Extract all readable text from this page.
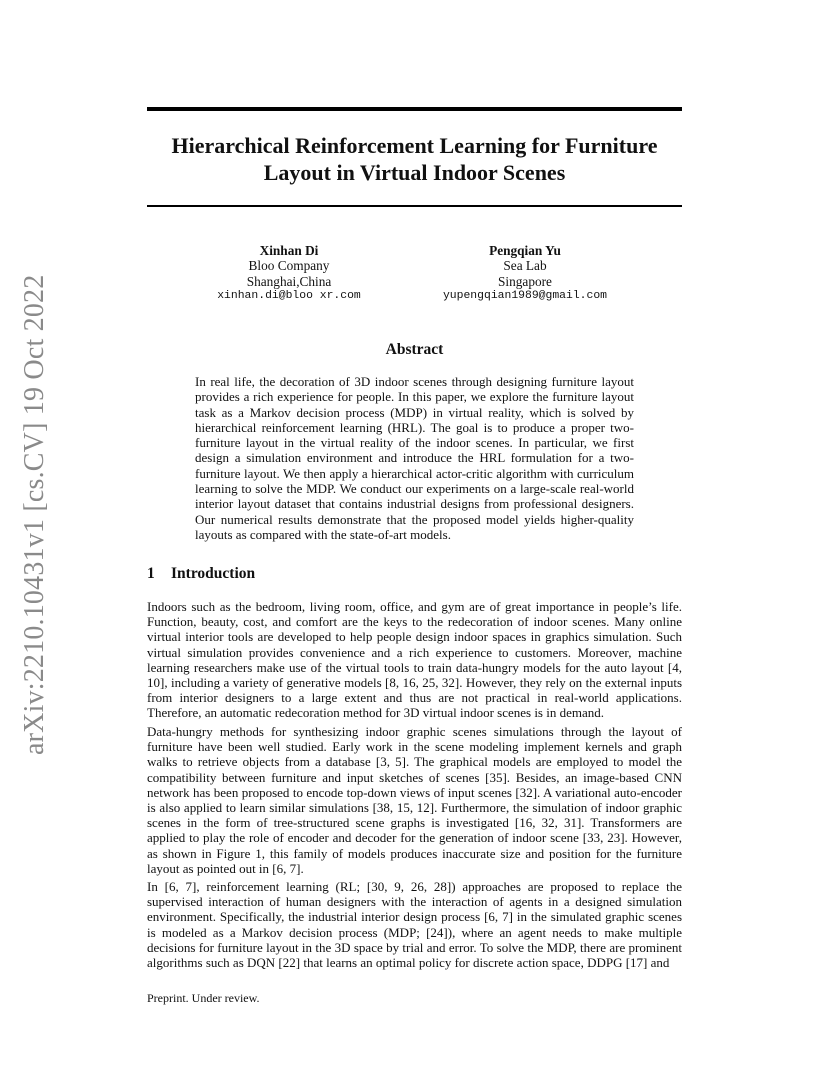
arXiv:2210.10431v1 [cs.CV] 19 Oct 2022
Hierarchical Reinforcement Learning for Furniture
Layout in Virtual Indoor Scenes
Xinhan Di
Bloo Company
Shanghai,China
xinhan.di@bloo xr.com
Pengqian Yu
Sea Lab
Singapore
yupengqian1989@gmail.com
Abstract
In real life, the decoration of 3D indoor scenes through designing furniture layout provides a rich experience for people. In this paper, we explore the furniture layout task as a Markov decision process (MDP) in virtual reality, which is solved by hierarchical reinforcement learning (HRL). The goal is to produce a proper two-furniture layout in the virtual reality of the indoor scenes. In particular, we first design a simulation environment and introduce the HRL formulation for a two-furniture layout. We then apply a hierarchical actor-critic algorithm with curriculum learning to solve the MDP. We conduct our experiments on a large-scale real-world interior layout dataset that contains industrial designs from professional designers. Our numerical results demonstrate that the proposed model yields higher-quality layouts as compared with the state-of-art models.
1 Introduction
Indoors such as the bedroom, living room, office, and gym are of great importance in people’s life. Function, beauty, cost, and comfort are the keys to the redecoration of indoor scenes. Many online virtual interior tools are developed to help people design indoor spaces in graphics simulation. Such virtual simulation provides convenience and a rich experience to customers. Moreover, machine learning researchers make use of the virtual tools to train data-hungry models for the auto layout [4, 10], including a variety of generative models [8, 16, 25, 32]. However, they rely on the external inputs from interior designers to a large extent and thus are not practical in real-world applications. Therefore, an automatic redecoration method for 3D virtual indoor scenes is in demand.
Data-hungry methods for synthesizing indoor graphic scenes simulations through the layout of furniture have been well studied. Early work in the scene modeling implement kernels and graph walks to retrieve objects from a database [3, 5]. The graphical models are employed to model the compatibility between furniture and input sketches of scenes [35]. Besides, an image-based CNN network has been proposed to encode top-down views of input scenes [32]. A variational auto-encoder is also applied to learn similar simulations [38, 15, 12]. Furthermore, the simulation of indoor graphic scenes in the form of tree-structured scene graphs is investigated [16, 32, 31]. Transformers are applied to play the role of encoder and decoder for the generation of indoor scene [33, 23]. However, as shown in Figure 1, this family of models produces inaccurate size and position for the furniture layout as pointed out in [6, 7].
In [6, 7], reinforcement learning (RL; [30, 9, 26, 28]) approaches are proposed to replace the supervised interaction of human designers with the interaction of agents in a designed simulation environment. Specifically, the industrial interior design process [6, 7] in the simulated graphic scenes is modeled as a Markov decision process (MDP; [24]), where an agent needs to make multiple decisions for furniture layout in the 3D space by trial and error. To solve the MDP, there are prominent algorithms such as DQN [22] that learns an optimal policy for discrete action space, DDPG [17] and
Preprint. Under review.
